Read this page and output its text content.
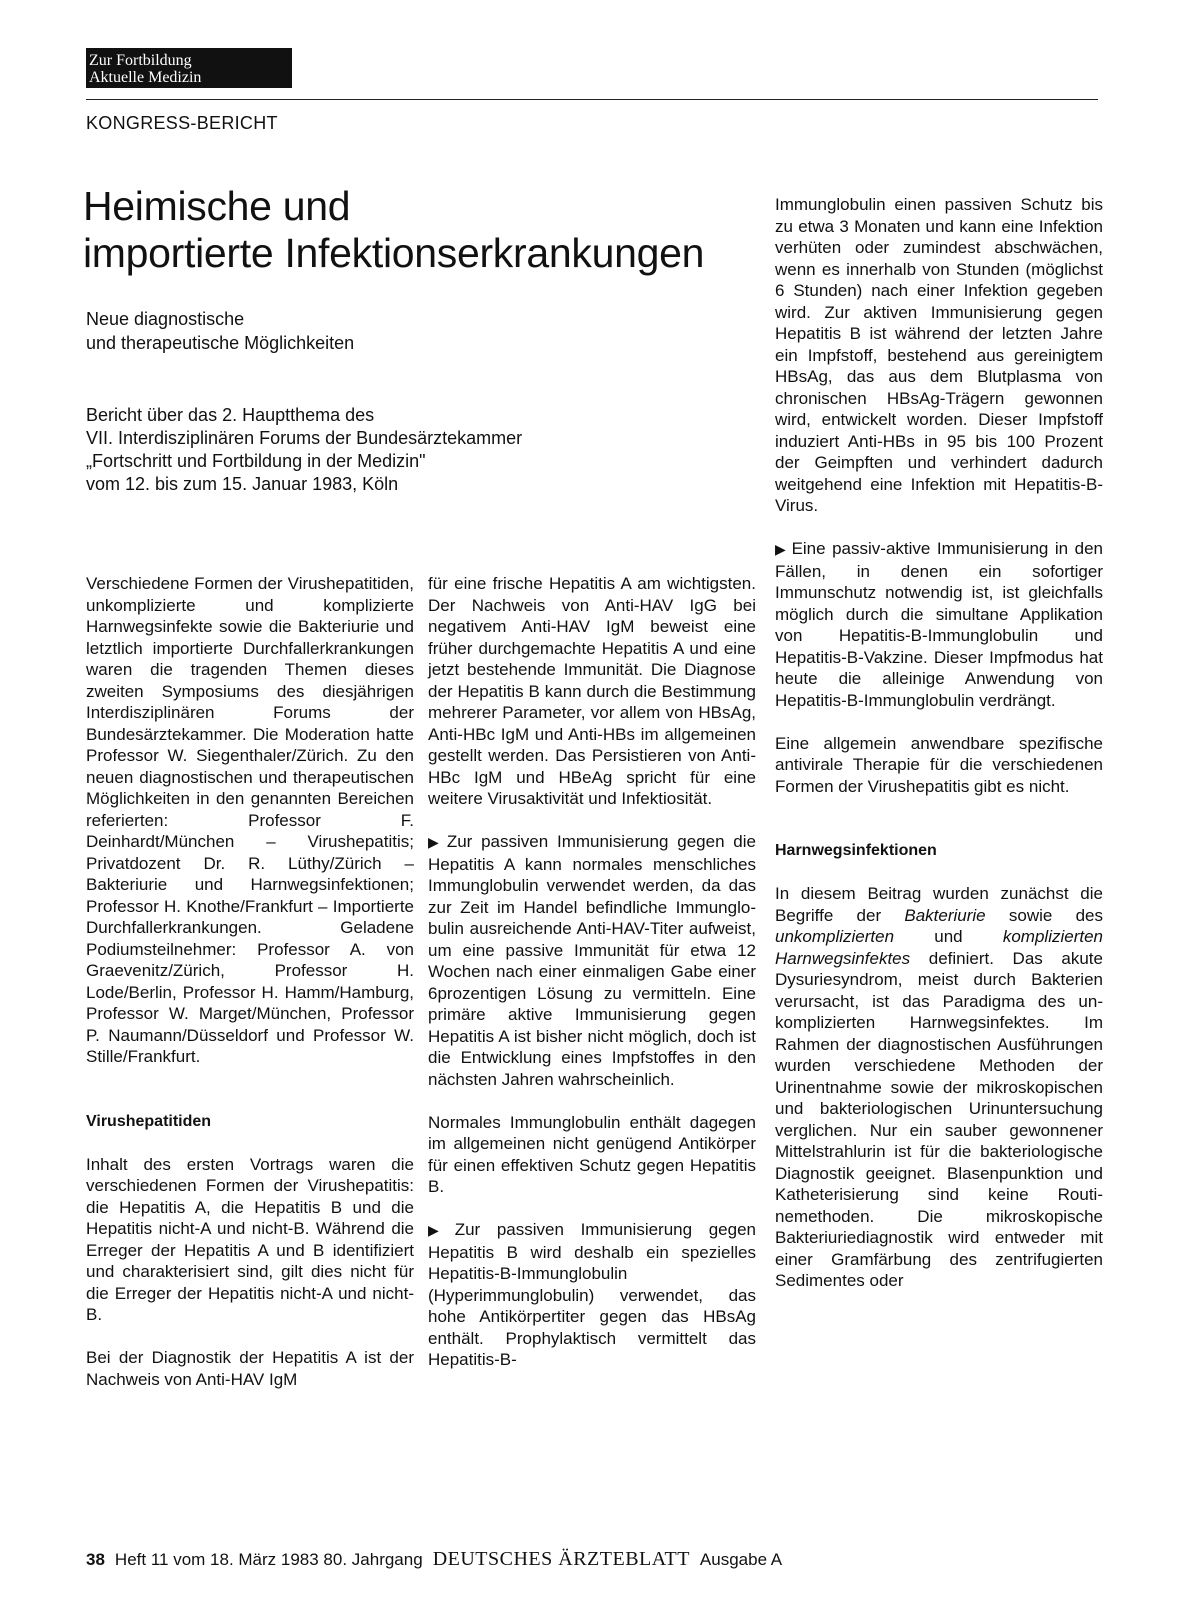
Zur Fortbildung
Aktuelle Medizin
KONGRESS-BERICHT
Heimische und
importierte Infektionserkrankungen
Neue diagnostische
und therapeutische Möglichkeiten
Bericht über das 2. Hauptthema des
VII. Interdisziplinären Forums der Bundesärztekammer
„Fortschritt und Fortbildung in der Medizin"
vom 12. bis zum 15. Januar 1983, Köln

Verschiedene Formen der Virushepatitiden, unkomplizierte und komplizierte Harnwegsinfekte sowie die Bakteriurie und letztlich importierte Durchfallerkrankungen waren die tragenden Themen dieses zweiten Symposiums des diesjährigen Interdisziplinären Forums der Bundesärztekammer. Die Moderation hatte Professor W. Siegenthaler/Zürich. Zu den neuen diagnostischen und therapeutischen Möglichkeiten in den genannten Bereichen referierten: Professor F. Deinhardt/München – Virushepatitis; Privatdozent Dr. R. Lüthy/Zürich – Bakteriurie und Harnwegsinfektionen; Professor H. Knothe/Frankfurt – Importierte Durchfallerkrankungen. Geladene Podiumsteilnehmer: Professor A. von Graevenitz/Zürich, Professor H. Lode/Berlin, Professor H. Hamm/Hamburg, Professor W. Marget/München, Professor P. Naumann/Düsseldorf und Professor W. Stille/Frankfurt.

Virushepatitiden

Inhalt des ersten Vortrags waren die verschiedenen Formen der Virushepatitis: die Hepatitis A, die Hepatitis B und die Hepatitis nicht-A und nicht-B. Während die Erreger der Hepatitis A und B identifiziert und charakterisiert sind, gilt dies nicht für die Erreger der Hepatitis nicht-A und nicht-B.

Bei der Diagnostik der Hepatitis A ist der Nachweis von Anti-HAV IgM

für eine frische Hepatitis A am wichtigsten. Der Nachweis von Anti-HAV IgG bei negativem Anti-HAV IgM beweist eine früher durchgemachte Hepatitis A und eine jetzt bestehende Immunität. Die Diagnose der Hepatitis B kann durch die Bestimmung mehrerer Parameter, vor allem von HBsAg, Anti-HBc IgM und Anti-HBs im allgemeinen gestellt werden. Das Persistieren von Anti-HBc IgM und HBeAg spricht für eine weitere Virusaktivität und Infektiosität.

▶ Zur passiven Immunisierung gegen die Hepatitis A kann normales menschliches Immunglobulin verwendet werden, da das zur Zeit im Handel befindliche Immunglobulin ausreichende Anti-HAV-Titer aufweist, um eine passive Immunität für etwa 12 Wochen nach einer einmaligen Gabe einer 6prozentigen Lösung zu vermitteln. Eine primäre aktive Immunisierung gegen Hepatitis A ist bisher nicht möglich, doch ist die Entwicklung eines Impfstoffes in den nächsten Jahren wahrscheinlich.

Normales Immunglobulin enthält dagegen im allgemeinen nicht genügend Antikörper für einen effektiven Schutz gegen Hepatitis B.

▶ Zur passiven Immunisierung gegen Hepatitis B wird deshalb ein spezielles Hepatitis-B-Immunglobulin (Hyperimmunglobulin) verwendet, das hohe Antikörpertiter gegen das HBsAg enthält. Prophylaktisch vermittelt das Hepatitis-B-

Immunglobulin einen passiven Schutz bis zu etwa 3 Monaten und kann eine Infektion verhüten oder zumindest abschwächen, wenn es innerhalb von Stunden (möglichst 6 Stunden) nach einer Infektion gegeben wird. Zur aktiven Immunisierung gegen Hepatitis B ist während der letzten Jahre ein Impfstoff, bestehend aus gereinigtem HBsAg, das aus dem Blutplasma von chronischen HBsAg-Trägern gewonnen wird, entwickelt worden. Dieser Impfstoff induziert Anti-HBs in 95 bis 100 Prozent der Geimpften und verhindert dadurch weitgehend eine Infektion mit Hepatitis-B-Virus.

▶ Eine passiv-aktive Immunisierung in den Fällen, in denen ein sofortiger Immunschutz notwendig ist, ist gleichfalls möglich durch die simultane Applikation von Hepatitis-B-Immunglobulin und Hepatitis-B-Vakzine. Dieser Impfmodus hat heute die alleinige Anwendung von Hepatitis-B-Immunglobulin verdrängt.

Eine allgemein anwendbare spezifische antivirale Therapie für die verschiedenen Formen der Virushepatitis gibt es nicht.

Harnwegsinfektionen

In diesem Beitrag wurden zunächst die Begriffe der Bakteriurie sowie des unkomplizierten und komplizierten Harnwegsinfektes definiert. Das akute Dysuriesyndrom, meist durch Bakterien verursacht, ist das Paradigma des unkomplizierten Harnwegsinfektes. Im Rahmen der diagnostischen Ausführungen wurden verschiedene Methoden der Urinentnahme sowie der mikroskopischen und bakteriologischen Urinuntersuchung verglichen. Nur ein sauber gewonnener Mittelstrahlurin ist für die bakteriologische Diagnostik geeignet. Blasenpunktion und Katheterisierung sind keine Routinemethoden. Die mikroskopische Bakteriuriediagnostik wird entweder mit einer Gramfärbung des zentrifugierten Sedimentes oder

38 Heft 11 vom 18. März 1983 80. Jahrgang DEUTSCHES ÄRZTEBLATT Ausgabe A
